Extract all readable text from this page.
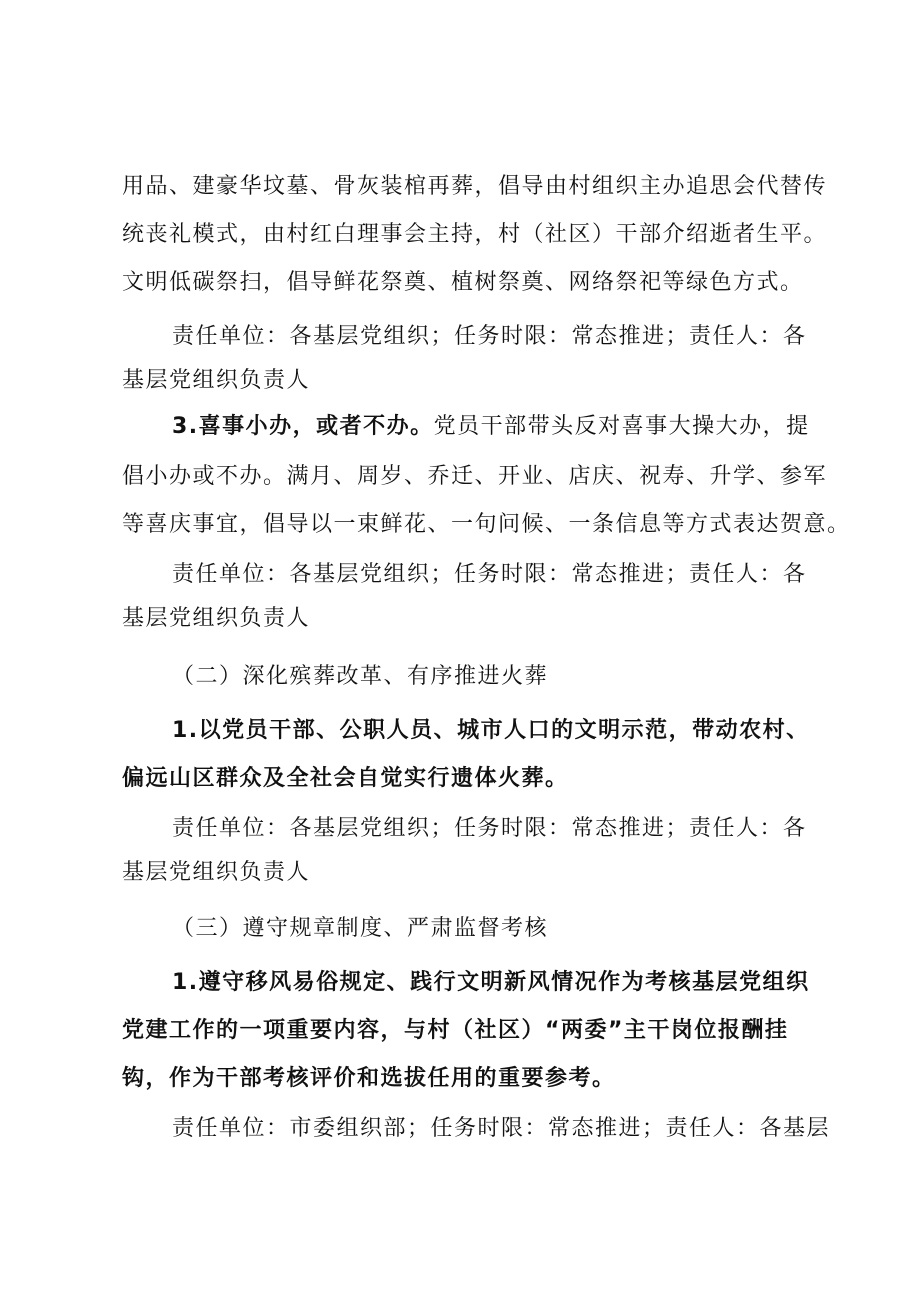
用品、建豪华坟墓、骨灰装棺再葬，倡导由村组织主办追思会代替传
统丧礼模式，由村红白理事会主持，村（社区）干部介绍逝者生平。
文明低碳祭扫，倡导鲜花祭奠、植树祭奠、网络祭祀等绿色方式。
责任单位：各基层党组织；任务时限：常态推进；责任人：各
基层党组织负责人
3.喜事小办，或者不办。党员干部带头反对喜事大操大办，提
倡小办或不办。满月、周岁、乔迁、开业、店庆、祝寿、升学、参军
等喜庆事宜，倡导以一束鲜花、一句问候、一条信息等方式表达贺意。
责任单位：各基层党组织；任务时限：常态推进；责任人：各
基层党组织负责人
（二）深化殡葬改革、有序推进火葬
1.以党员干部、公职人员、城市人口的文明示范，带动农村、
偏远山区群众及全社会自觉实行遗体火葬。
责任单位：各基层党组织；任务时限：常态推进；责任人：各
基层党组织负责人
（三）遵守规章制度、严肃监督考核
1.遵守移风易俗规定、践行文明新风情况作为考核基层党组织
党建工作的一项重要内容，与村（社区）“两委”主干岗位报酬挂
钩，作为干部考核评价和选拔任用的重要参考。
责任单位：市委组织部；任务时限：常态推进；责任人：各基层
